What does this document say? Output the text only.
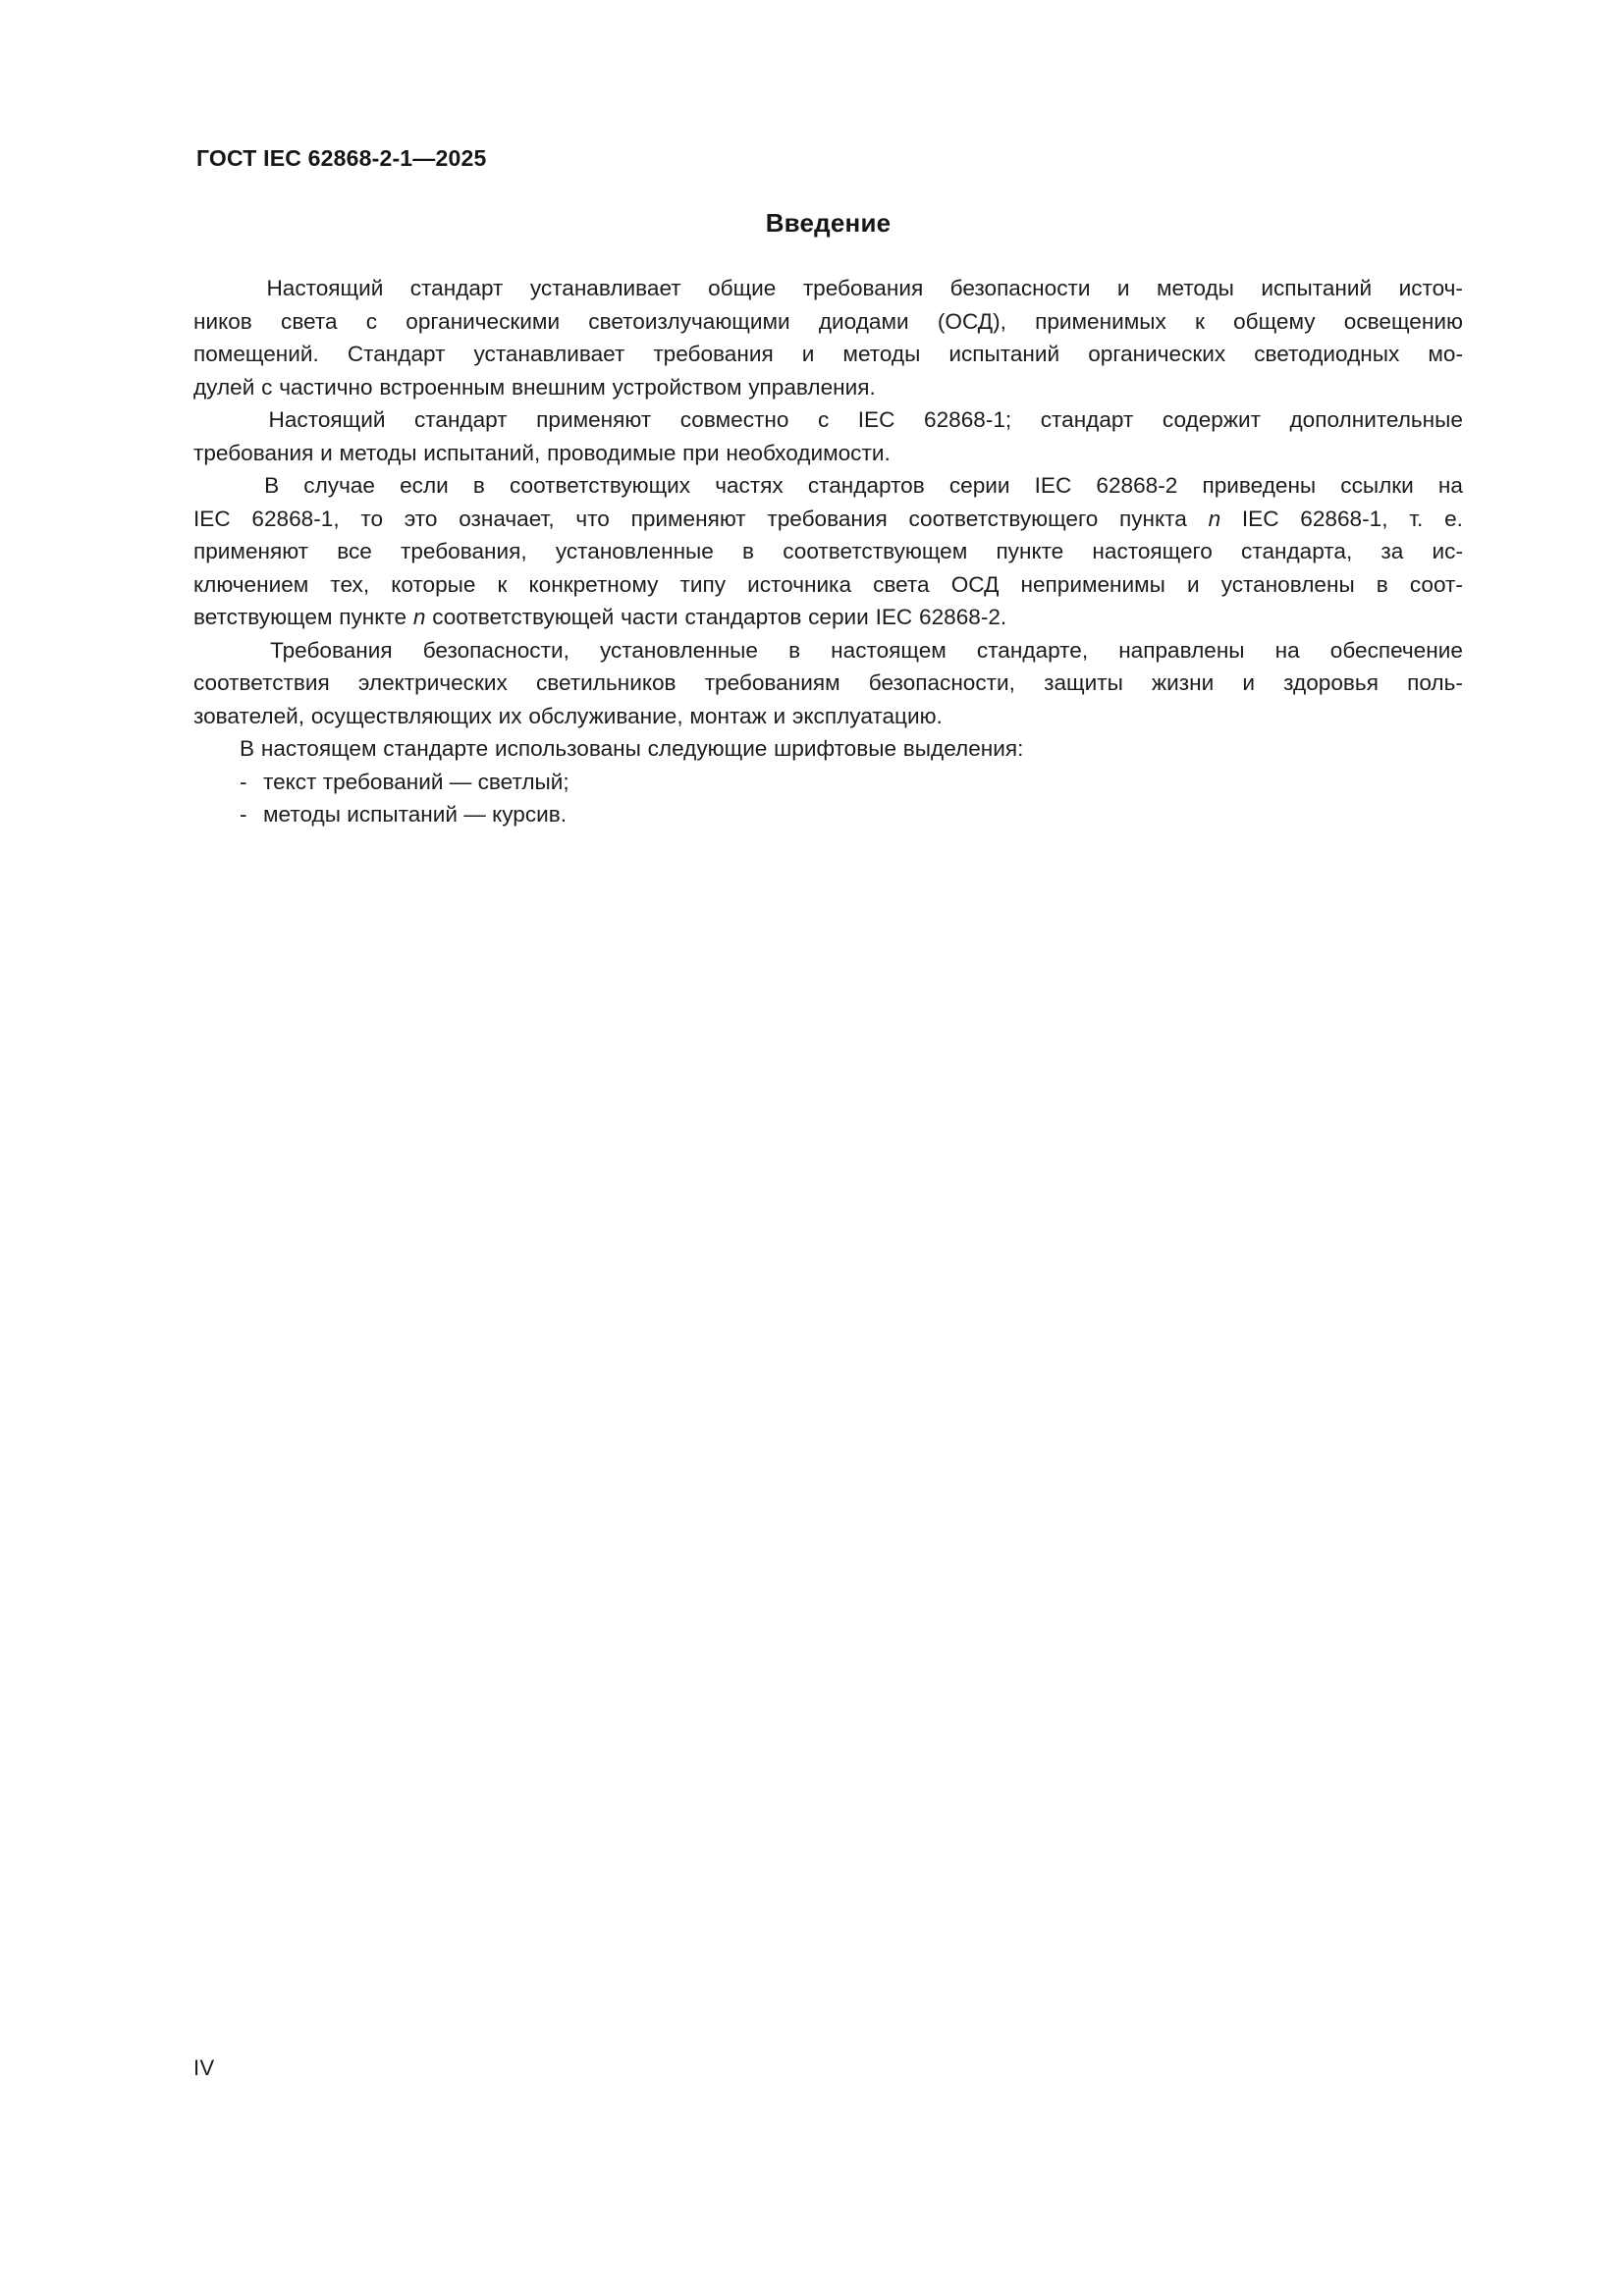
ГОСТ IEC 62868-2-1—2025
Введение
Настоящий стандарт устанавливает общие требования безопасности и методы испытаний источ-
ников света с органическими светоизлучающими диодами (ОСД), применимых к общему освещению
помещений. Стандарт устанавливает требования и методы испытаний органических светодиодных мо-
дулей с частично встроенным внешним устройством управления.
Настоящий стандарт применяют совместно с IEC 62868-1; стандарт содержит дополнительные
требования и методы испытаний, проводимые при необходимости.
В случае если в соответствующих частях стандартов серии IEC 62868-2 приведены ссылки на
IEC 62868-1, то это означает, что применяют требования соответствующего пункта n IEC 62868-1, т. е.
применяют все требования, установленные в соответствующем пункте настоящего стандарта, за ис-
ключением тех, которые к конкретному типу источника света ОСД неприменимы и установлены в соот-
ветствующем пункте n соответствующей части стандартов серии IEC 62868-2.
Требования безопасности, установленные в настоящем стандарте, направлены на обеспечение
соответствия электрических светильников требованиям безопасности, защиты жизни и здоровья поль-
зователей, осуществляющих их обслуживание, монтаж и эксплуатацию.
В настоящем стандарте использованы следующие шрифтовые выделения:
- текст требований — светлый;
- методы испытаний — курсив.
IV
